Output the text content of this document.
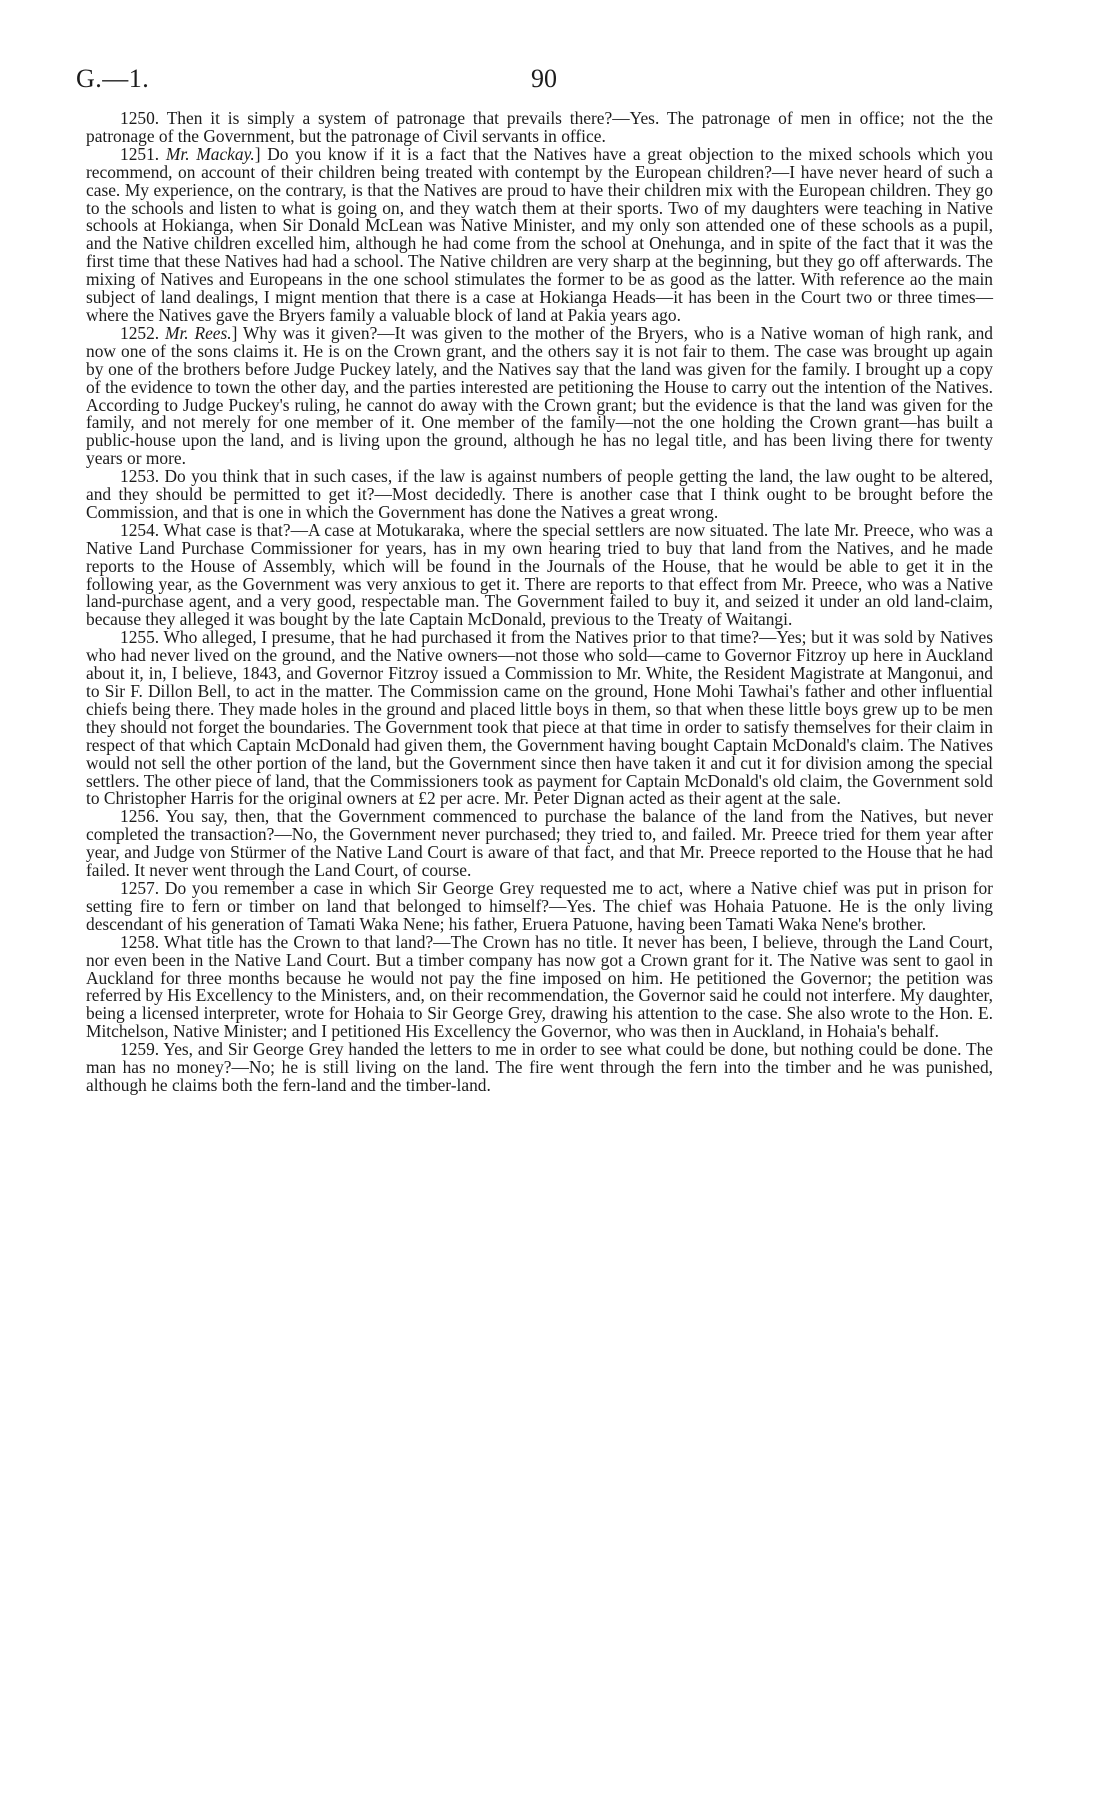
G.—1.	90

1250. Then it is simply a system of patronage that prevails there?—Yes. The patronage of men in office; not the the patronage of the Government, but the patronage of Civil servants in office.

1251. Mr. Mackay.] Do you know if it is a fact that the Natives have a great objection to the mixed schools which you recommend, on account of their children being treated with contempt by the European children?—I have never heard of such a case. My experience, on the contrary, is that the Natives are proud to have their children mix with the European children. They go to the schools and listen to what is going on, and they watch them at their sports. Two of my daughters were teaching in Native schools at Hokianga, when Sir Donald McLean was Native Minister, and my only son attended one of these schools as a pupil, and the Native children excelled him, although he had come from the school at Onehunga, and in spite of the fact that it was the first time that these Natives had had a school. The Native children are very sharp at the beginning, but they go off afterwards. The mixing of Natives and Europeans in the one school stimulates the former to be as good as the latter. With reference ao the main subject of land dealings, I mignt mention that there is a case at Hokianga Heads—it has been in the Court two or three times—where the Natives gave the Bryers family a valuable block of land at Pakia years ago.

1252. Mr. Rees.] Why was it given?—It was given to the mother of the Bryers, who is a Native woman of high rank, and now one of the sons claims it. He is on the Crown grant, and the others say it is not fair to them. The case was brought up again by one of the brothers before Judge Puckey lately, and the Natives say that the land was given for the family. I brought up a copy of the evidence to town the other day, and the parties interested are petitioning the House to carry out the intention of the Natives. According to Judge Puckey's ruling, he cannot do away with the Crown grant; but the evidence is that the land was given for the family, and not merely for one member of it. One member of the family—not the one holding the Crown grant—has built a public-house upon the land, and is living upon the ground, although he has no legal title, and has been living there for twenty years or more.

1253. Do you think that in such cases, if the law is against numbers of people getting the land, the law ought to be altered, and they should be permitted to get it?—Most decidedly. There is another case that I think ought to be brought before the Commission, and that is one in which the Government has done the Natives a great wrong.

1254. What case is that?—A case at Motukaraka, where the special settlers are now situated. The late Mr. Preece, who was a Native Land Purchase Commissioner for years, has in my own hearing tried to buy that land from the Natives, and he made reports to the House of Assembly, which will be found in the Journals of the House, that he would be able to get it in the following year, as the Government was very anxious to get it. There are reports to that effect from Mr. Preece, who was a Native land-purchase agent, and a very good, respectable man. The Government failed to buy it, and seized it under an old land-claim, because they alleged it was bought by the late Captain McDonald, previous to the Treaty of Waitangi.

1255. Who alleged, I presume, that he had purchased it from the Natives prior to that time?—Yes; but it was sold by Natives who had never lived on the ground, and the Native owners—not those who sold—came to Governor Fitzroy up here in Auckland about it, in, I believe, 1843, and Governor Fitzroy issued a Commission to Mr. White, the Resident Magistrate at Mangonui, and to Sir F. Dillon Bell, to act in the matter. The Commission came on the ground, Hone Mohi Tawhai's father and other influential chiefs being there. They made holes in the ground and placed little boys in them, so that when these little boys grew up to be men they should not forget the boundaries. The Government took that piece at that time in order to satisfy themselves for their claim in respect of that which Captain McDonald had given them, the Government having bought Captain McDonald's claim. The Natives would not sell the other portion of the land, but the Government since then have taken it and cut it for division among the special settlers. The other piece of land, that the Commissioners took as payment for Captain McDonald's old claim, the Government sold to Christopher Harris for the original owners at £2 per acre. Mr. Peter Dignan acted as their agent at the sale.

1256. You say, then, that the Government commenced to purchase the balance of the land from the Natives, but never completed the transaction?—No, the Government never purchased; they tried to, and failed. Mr. Preece tried for them year after year, and Judge von Stürmer of the Native Land Court is aware of that fact, and that Mr. Preece reported to the House that he had failed. It never went through the Land Court, of course.

1257. Do you remember a case in which Sir George Grey requested me to act, where a Native chief was put in prison for setting fire to fern or timber on land that belonged to himself?—Yes. The chief was Hohaia Patuone. He is the only living descendant of his generation of Tamati Waka Nene; his father, Eruera Patuone, having been Tamati Waka Nene's brother.

1258. What title has the Crown to that land?—The Crown has no title. It never has been, I believe, through the Land Court, nor even been in the Native Land Court. But a timber company has now got a Crown grant for it. The Native was sent to gaol in Auckland for three months because he would not pay the fine imposed on him. He petitioned the Governor; the petition was referred by His Excellency to the Ministers, and, on their recommendation, the Governor said he could not interfere. My daughter, being a licensed interpreter, wrote for Hohaia to Sir George Grey, drawing his attention to the case. She also wrote to the Hon. E. Mitchelson, Native Minister; and I petitioned His Excellency the Governor, who was then in Auckland, in Hohaia's behalf.

1259. Yes, and Sir George Grey handed the letters to me in order to see what could be done, but nothing could be done. The man has no money?—No; he is still living on the land. The fire went through the fern into the timber and he was punished, although he claims both the fern-land and the timber-land.
